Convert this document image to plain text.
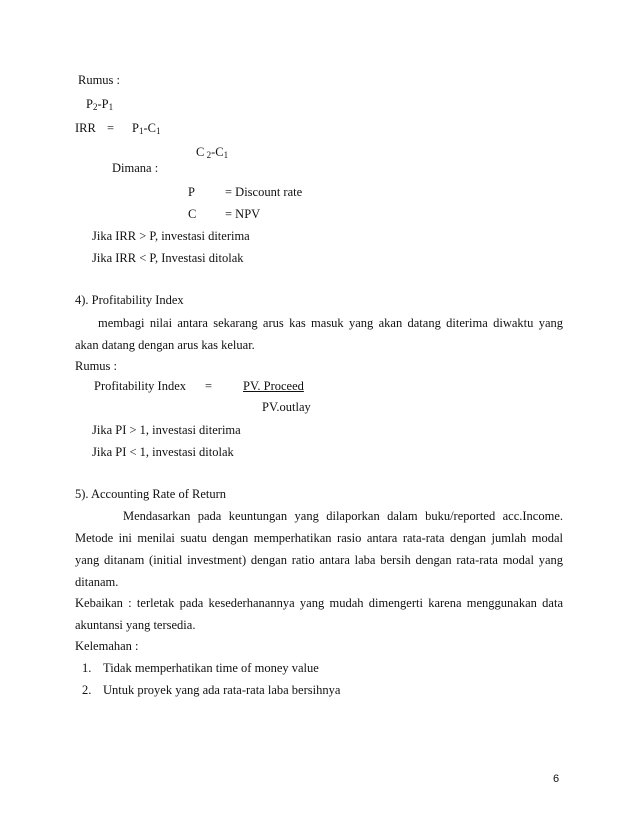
Rumus :
P2-P1
IRR = P1-C1
C 2-C1
Dimana :
P = Discount rate
C = NPV
Jika IRR > P, investasi diterima
Jika IRR < P, Investasi ditolak
4). Profitability Index
membagi nilai antara sekarang arus kas masuk yang akan datang diterima diwaktu yang
akan datang dengan arus kas keluar.
Rumus :
Profitability Index = PV. Proceed
PV.outlay
Jika PI > 1, investasi diterima
Jika PI < 1, investasi ditolak
5). Accounting Rate of Return
Mendasarkan pada keuntungan yang dilaporkan dalam buku/reported acc.Income.
Metode ini menilai suatu dengan memperhatikan rasio antara rata-rata dengan jumlah modal
yang ditanam (initial investment) dengan ratio antara laba bersih dengan rata-rata modal yang
ditanam.
Kebaikan : terletak pada kesederhanannya yang mudah dimengerti karena menggunakan data
akuntansi yang tersedia.
Kelemahan :
1. Tidak memperhatikan time of money value
2. Untuk proyek yang ada rata-rata laba bersihnya
6
